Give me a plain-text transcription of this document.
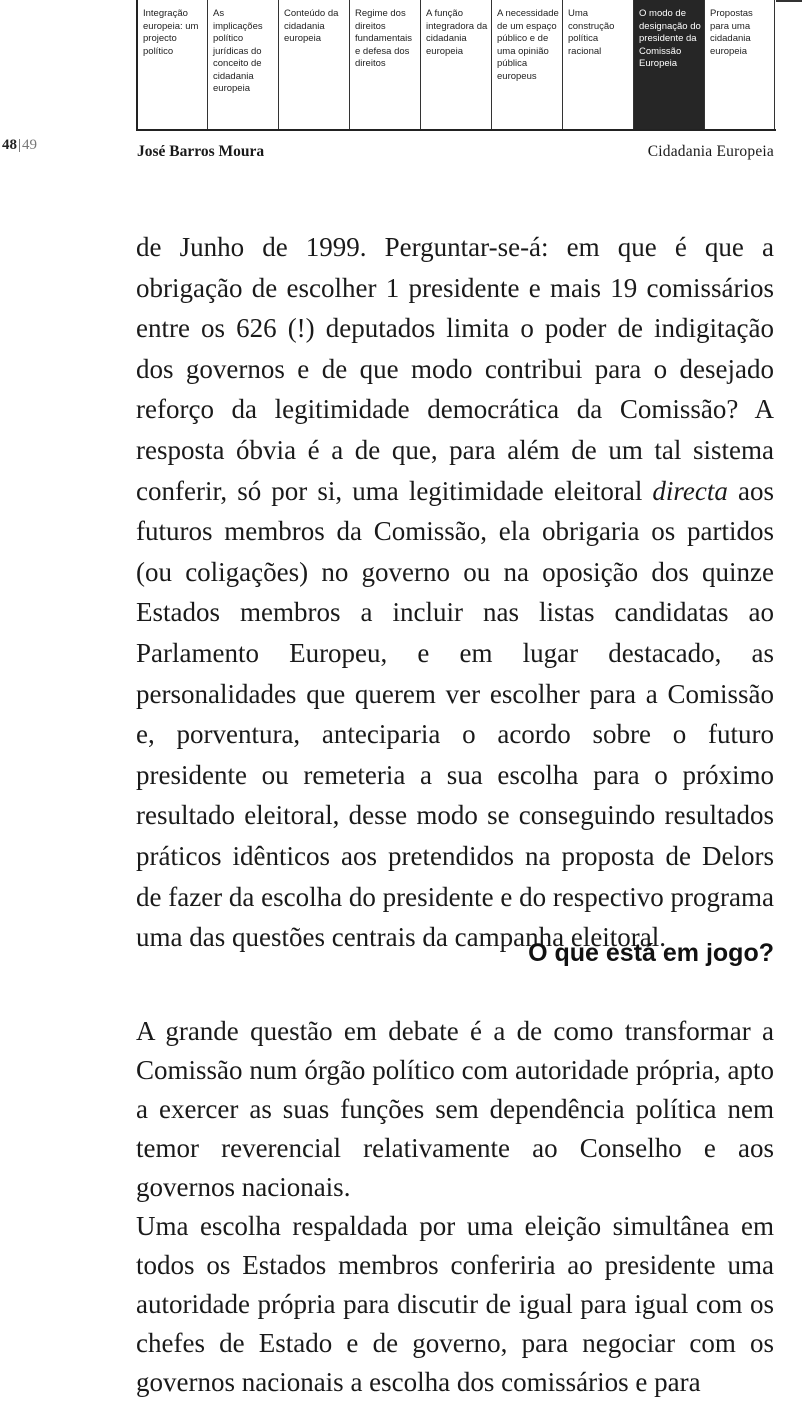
Integração europeia: um projecto político
As implicações político jurídicas do conceito de cidadania europeia
Conteúdo da cidadania europeia
Regime dos direitos fundamentais e defesa dos direitos
A função integradora da cidadania europeia
A necessidade de um espaço público e de uma opinião pública europeus
Uma construção política racional
O modo de designação do presidente da Comissão Europeia
Propostas para uma cidadania europeia
48|49	José Barros Moura	Cidadania Europeia

de Junho de 1999. Perguntar-se-á: em que é que a obrigação de escolher 1 presidente e mais 19 comissários entre os 626 (!) deputados limita o poder de indigitação dos governos e de que modo contribui para o desejado reforço da legitimidade democrática da Comissão? A resposta óbvia é a de que, para além de um tal sistema conferir, só por si, uma legitimidade eleitoral directa aos futuros membros da Comissão, ela obrigaria os partidos (ou coligações) no governo ou na oposição dos quinze Estados membros a incluir nas listas candidatas ao Parlamento Europeu, e em lugar destacado, as personalidades que querem ver escolher para a Comissão e, porventura, anteciparia o acordo sobre o futuro presidente ou remeteria a sua escolha para o próximo resultado eleitoral, desse modo se conseguindo resultados práticos idênticos aos pretendidos na proposta de Delors de fazer da escolha do presidente e do respectivo programa uma das questões centrais da campanha eleitoral.

O que está em jogo?

A grande questão em debate é a de como transformar a Comissão num órgão político com autoridade própria, apto a exercer as suas funções sem dependência política nem temor reverencial relativamente ao Conselho e aos governos nacionais.

Uma escolha respaldada por uma eleição simultânea em todos os Estados membros conferiria ao presidente uma autoridade própria para discutir de igual para igual com os chefes de Estado e de governo, para negociar com os governos nacionais a escolha dos comissários e para
